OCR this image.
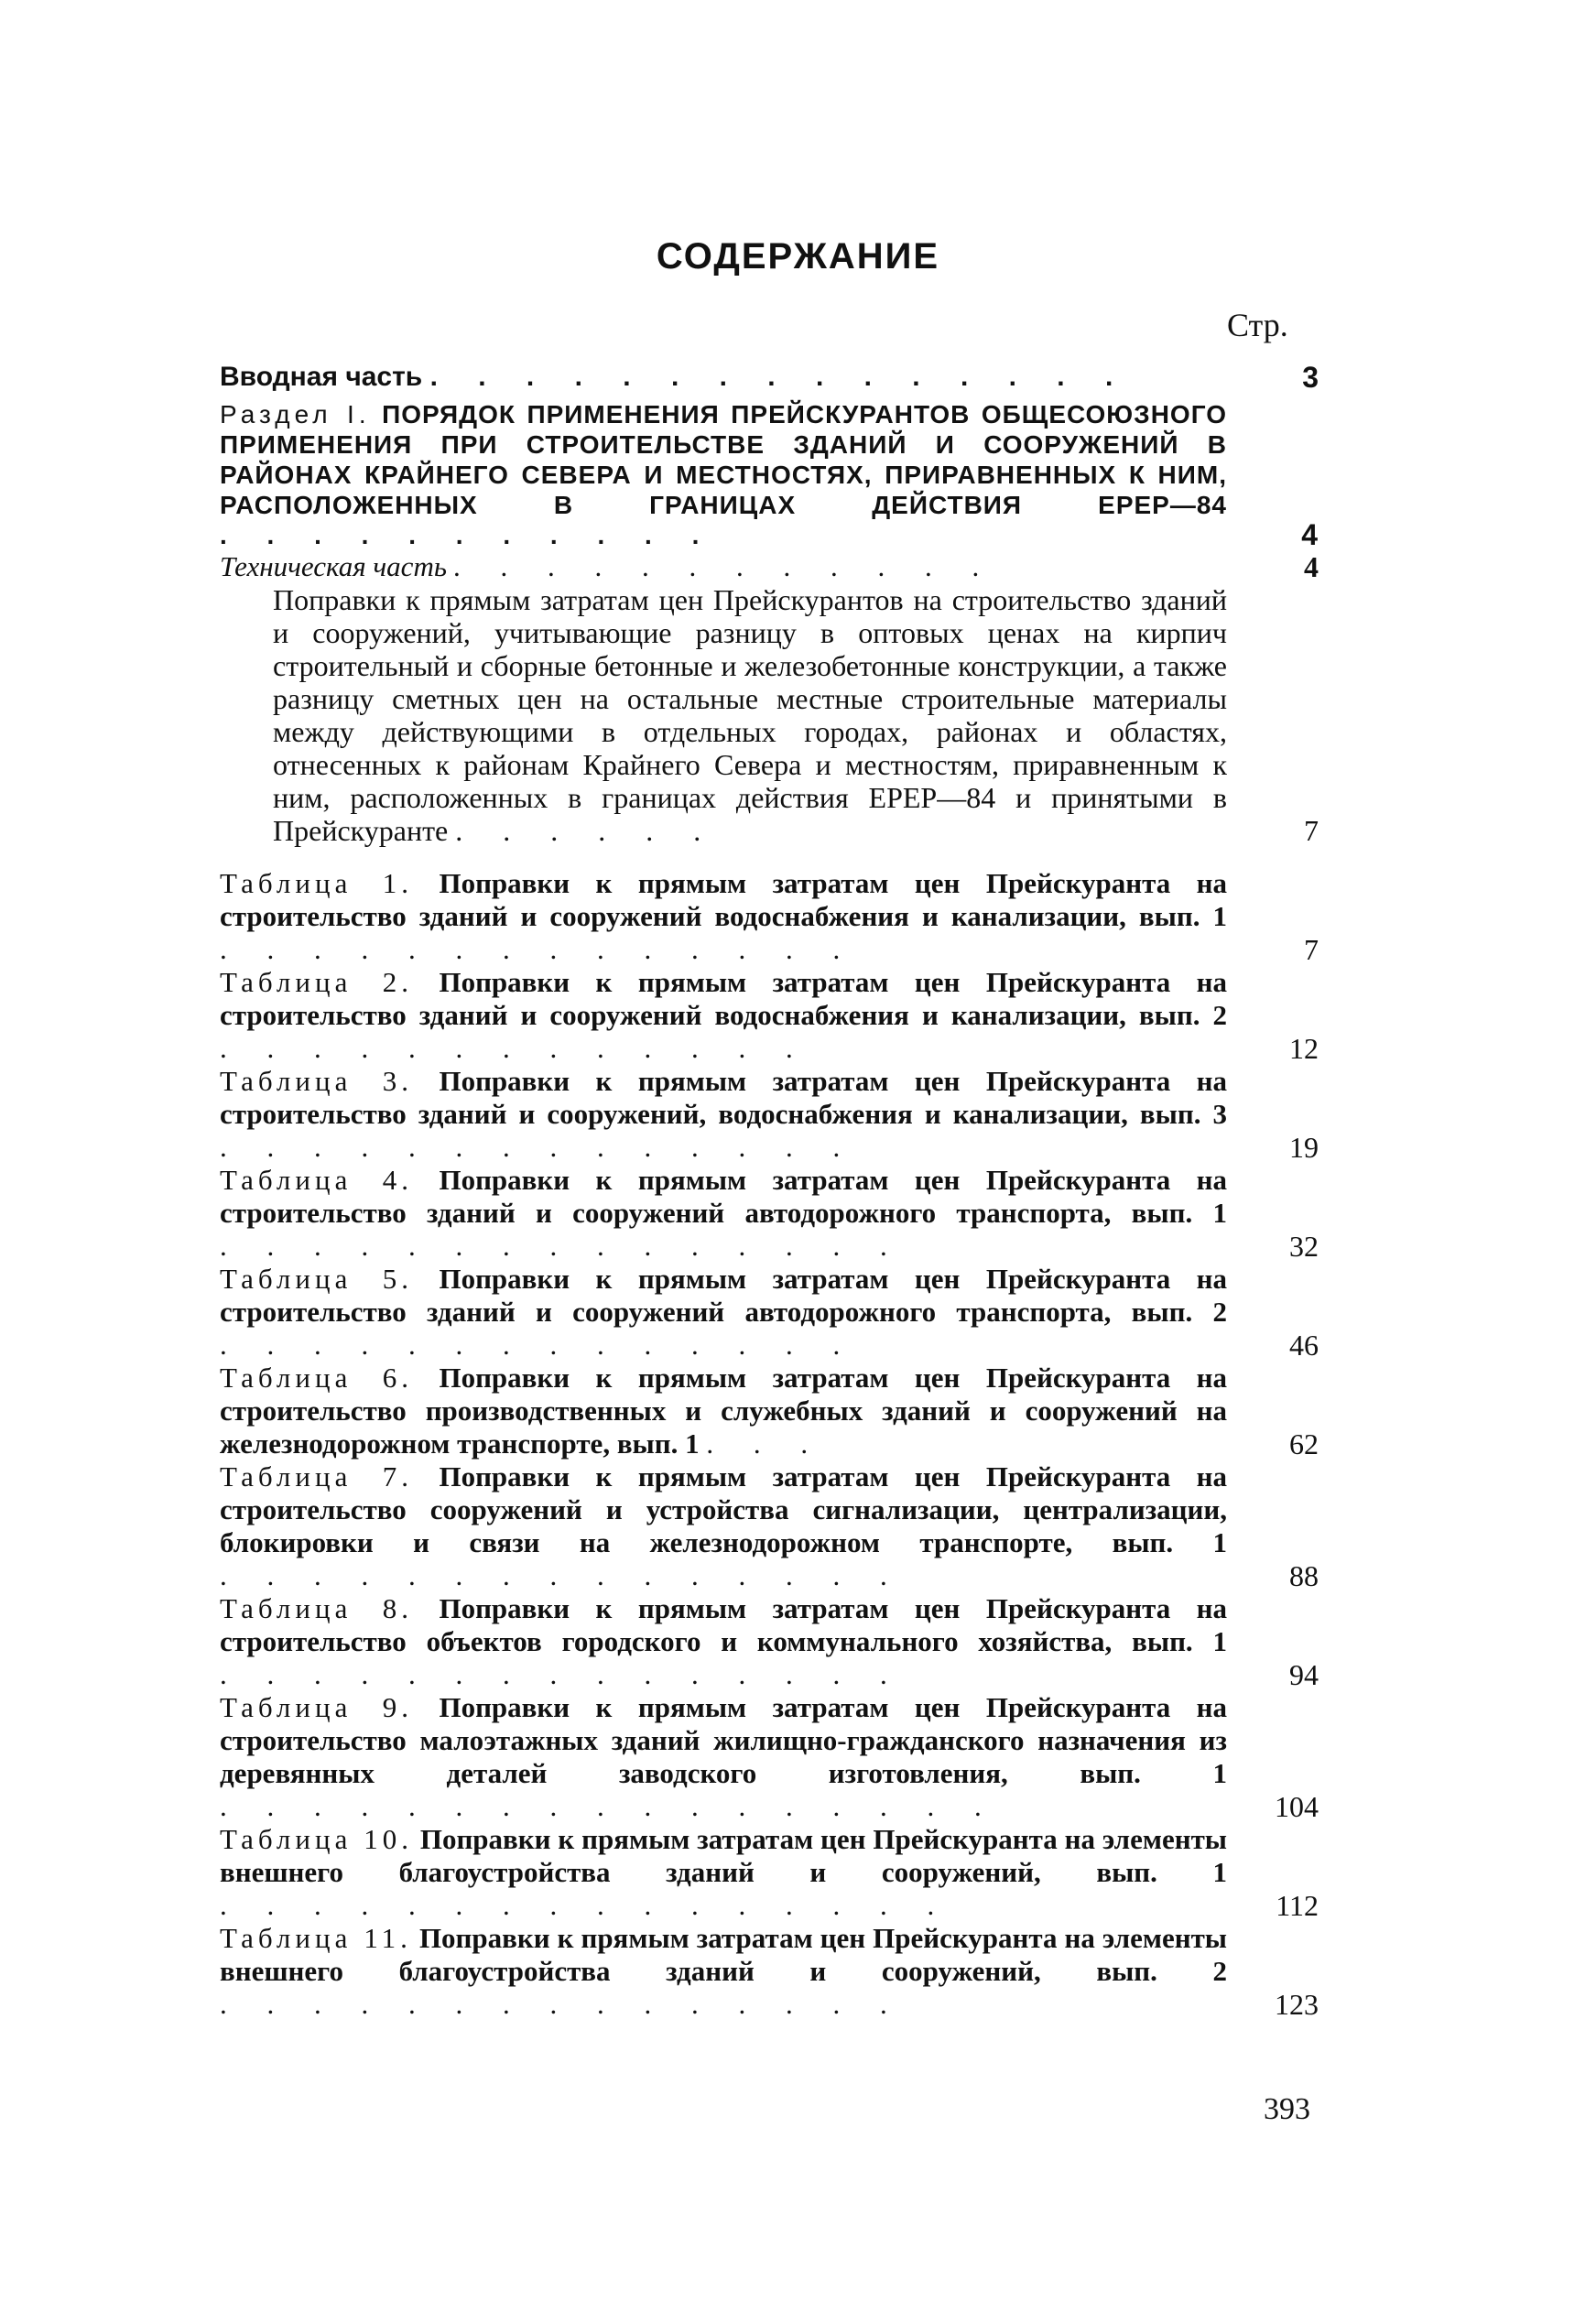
СОДЕРЖАНИЕ
Стр.
Вводная часть . . . . . . . . . . . . . . .	3
Раздел I. ПОРЯДОК ПРИМЕНЕНИЯ ПРЕЙСКУРАНТОВ ОБЩЕСОЮЗНОГО ПРИМЕНЕНИЯ ПРИ СТРОИТЕЛЬСТВЕ ЗДАНИЙ И СООРУЖЕНИЙ В РАЙОНАХ КРАЙНЕГО СЕВЕРА И МЕСТНОСТЯХ, ПРИРАВНЕННЫХ К НИМ, РАСПОЛОЖЕННЫХ В ГРАНИЦАХ ДЕЙСТВИЯ ЕРЕР—84 . . . . . . . . . . .	4
Техническая часть . . . . . . . . . . . .	4
Поправки к прямым затратам цен Прейскурантов на строительство зданий и сооружений, учитывающие разницу в оптовых ценах на кирпич строительный и сборные бетонные и железобетонные конструкции, а также разницу сметных цен на остальные местные строительные материалы между действующими в отдельных городах, районах и областях, отнесенных к районам Крайнего Севера и местностям, приравненным к ним, расположенных в границах действия ЕРЕР—84 и принятыми в Прейскуранте . . . . . .	7
Таблица 1. Поправки к прямым затратам цен Прейскуранта на строительство зданий и сооружений водоснабжения и канализации, вып. 1 . . . . . . . . . . . . . .	7
Таблица 2. Поправки к прямым затратам цен Прейскуранта на строительство зданий и сооружений водоснабжения и канализации, вып. 2 . . . . . . . . . . . . .	12
Таблица 3. Поправки к прямым затратам цен Прейскуранта на строительство зданий и сооружений, водоснабжения и канализации, вып. 3 . . . . . . . . . . . . . .	19
Таблица 4. Поправки к прямым затратам цен Прейскуранта на строительство зданий и сооружений автодорожного транспорта, вып. 1 . . . . . . . . . . . . . . .	32
Таблица 5. Поправки к прямым затратам цен Прейскуранта на строительство зданий и сооружений автодорожного транспорта, вып. 2 . . . . . . . . . . . . . .	46
Таблица 6. Поправки к прямым затратам цен Прейскуранта на строительство производственных и служебных зданий и сооружений на железнодорожном транспорте, вып. 1 . . .	62
Таблица 7. Поправки к прямым затратам цен Прейскуранта на строительство сооружений и устройства сигнализации, централизации, блокировки и связи на железнодорожном транспорте, вып. 1 . . . . . . . . . . . . . . .	88
Таблица 8. Поправки к прямым затратам цен Прейскуранта на строительство объектов городского и коммунального хозяйства, вып. 1 . . . . . . . . . . . . . . .	94
Таблица 9. Поправки к прямым затратам цен Прейскуранта на строительство малоэтажных зданий жилищно-гражданского назначения из деревянных деталей заводского изготовления, вып. 1 . . . . . . . . . . . . . . . . .	104
Таблица 10. Поправки к прямым затратам цен Прейскуранта на элементы внешнего благоустройства зданий и сооружений, вып. 1 . . . . . . . . . . . . . . . .	112
Таблица 11. Поправки к прямым затратам цен Прейскуранта на элементы внешнего благоустройства зданий и сооружений, вып. 2 . . . . . . . . . . . . . . .	123
393
